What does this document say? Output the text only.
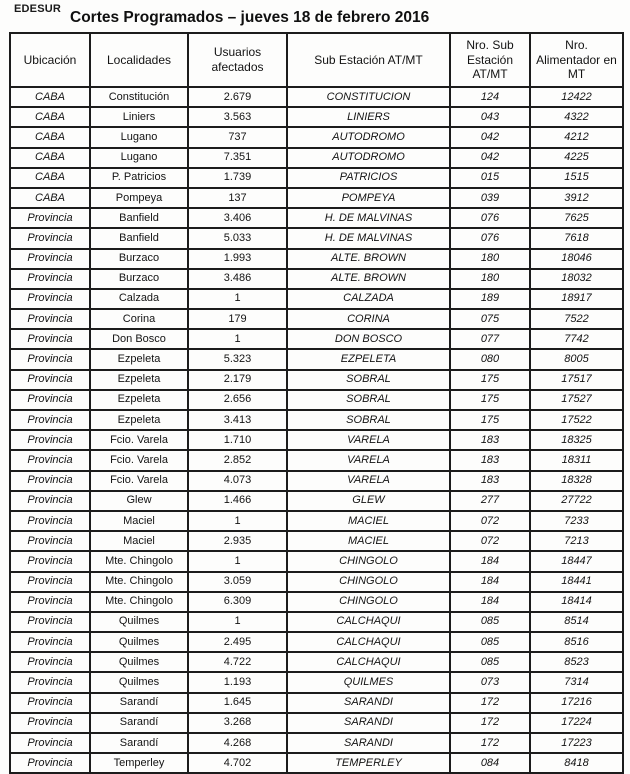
EDESUR Cortes Programados – jueves 18 de febrero 2016
Ubicación	Localidades	Usuarios afectados	Sub Estación AT/MT	Nro. Sub Estación AT/MT	Nro. Alimentador en MT
CABA	Constitución	2.679	CONSTITUCION	124	12422
CABA	Liniers	3.563	LINIERS	043	4322
CABA	Lugano	737	AUTODROMO	042	4212
CABA	Lugano	7.351	AUTODROMO	042	4225
CABA	P. Patricios	1.739	PATRICIOS	015	1515
CABA	Pompeya	137	POMPEYA	039	3912
Provincia	Banfield	3.406	H. DE MALVINAS	076	7625
Provincia	Banfield	5.033	H. DE MALVINAS	076	7618
Provincia	Burzaco	1.993	ALTE. BROWN	180	18046
Provincia	Burzaco	3.486	ALTE. BROWN	180	18032
Provincia	Calzada	1	CALZADA	189	18917
Provincia	Corina	179	CORINA	075	7522
Provincia	Don Bosco	1	DON BOSCO	077	7742
Provincia	Ezpeleta	5.323	EZPELETA	080	8005
Provincia	Ezpeleta	2.179	SOBRAL	175	17517
Provincia	Ezpeleta	2.656	SOBRAL	175	17527
Provincia	Ezpeleta	3.413	SOBRAL	175	17522
Provincia	Fcio. Varela	1.710	VARELA	183	18325
Provincia	Fcio. Varela	2.852	VARELA	183	18311
Provincia	Fcio. Varela	4.073	VARELA	183	18328
Provincia	Glew	1.466	GLEW	277	27722
Provincia	Maciel	1	MACIEL	072	7233
Provincia	Maciel	2.935	MACIEL	072	7213
Provincia	Mte. Chingolo	1	CHINGOLO	184	18447
Provincia	Mte. Chingolo	3.059	CHINGOLO	184	18441
Provincia	Mte. Chingolo	6.309	CHINGOLO	184	18414
Provincia	Quilmes	1	CALCHAQUI	085	8514
Provincia	Quilmes	2.495	CALCHAQUI	085	8516
Provincia	Quilmes	4.722	CALCHAQUI	085	8523
Provincia	Quilmes	1.193	QUILMES	073	7314
Provincia	Sarandí	1.645	SARANDI	172	17216
Provincia	Sarandí	3.268	SARANDI	172	17224
Provincia	Sarandí	4.268	SARANDI	172	17223
Provincia	Temperley	4.702	TEMPERLEY	084	8418
